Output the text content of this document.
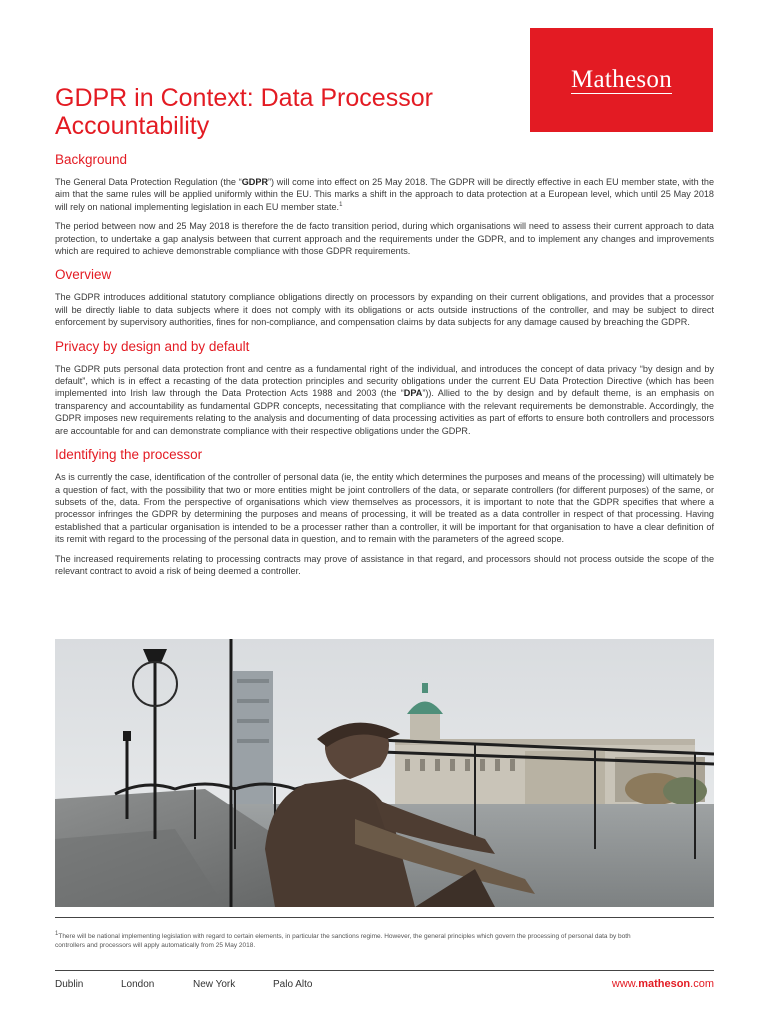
Matheson
GDPR in Context: Data Processor Accountability
Background

The General Data Protection Regulation (the “GDPR”) will come into effect on 25 May 2018. The GDPR will be directly effective in each EU member state, with the aim that the same rules will be applied uniformly within the EU. This marks a shift in the approach to data protection at a European level, which until 25 May 2018 will rely on national implementing legislation in each EU member state.$^1$

The period between now and 25 May 2018 is therefore the de facto transition period, during which organisations will need to assess their current approach to data protection, to undertake a gap analysis between that current approach and the requirements under the GDPR, and to implement any changes and improvements which are required to achieve demonstrable compliance with those GDPR requirements.

Overview

The GDPR introduces additional statutory compliance obligations directly on processors by expanding on their current obligations, and provides that a processor will be directly liable to data subjects where it does not comply with its obligations or acts outside instructions of the controller, and may be subject to direct enforcement by supervisory authorities, fines for non-compliance, and compensation claims by data subjects for any damage caused by breaching the GDPR.

Privacy by design and by default

The GDPR puts personal data protection front and centre as a fundamental right of the individual, and introduces the concept of data privacy “by design and by default”, which is in effect a recasting of the data protection principles and security obligations under the current EU Data Protection Directive (which has been implemented into Irish law through the Data Protection Acts 1988 and 2003 (the “DPA”)). Allied to the by design and by default theme, is an emphasis on transparency and accountability as fundamental GDPR concepts, necessitating that compliance with the relevant requirements be demonstrable. Accordingly, the GDPR imposes new requirements relating to the analysis and documenting of data processing activities as part of efforts to ensure both controllers and processors are accountable for and can demonstrate compliance with their respective obligations under the GDPR.

Identifying the processor

As is currently the case, identification of the controller of personal data (ie, the entity which determines the purposes and means of the processing) will ultimately be a question of fact, with the possibility that two or more entities might be joint controllers of the data, or separate controllers (for different purposes) of the same, or subsets of the, data. From the perspective of organisations which view themselves as processors, it is important to note that the GDPR specifies that where a processor infringes the GDPR by determining the purposes and means of processing, it will be treated as a data controller in respect of that processing. Having established that a particular organisation is intended to be a processer rather than a controller, it will be important for that organisation to have a clear definition of its remit with regard to the processing of the personal data in question, and to remain with the parameters of the agreed scope.

The increased requirements relating to processing contracts may prove of assistance in that regard, and processors should not process outside the scope of the relevant contract to avoid a risk of being deemed a controller.

$^1$There will be national implementing legislation with regard to certain elements, in particular the sanctions regime. However, the general principles which govern the processing of personal data by both controllers and processors will apply automatically from 25 May 2018.
Dublin	London	New York	Palo Alto	www.matheson.com
